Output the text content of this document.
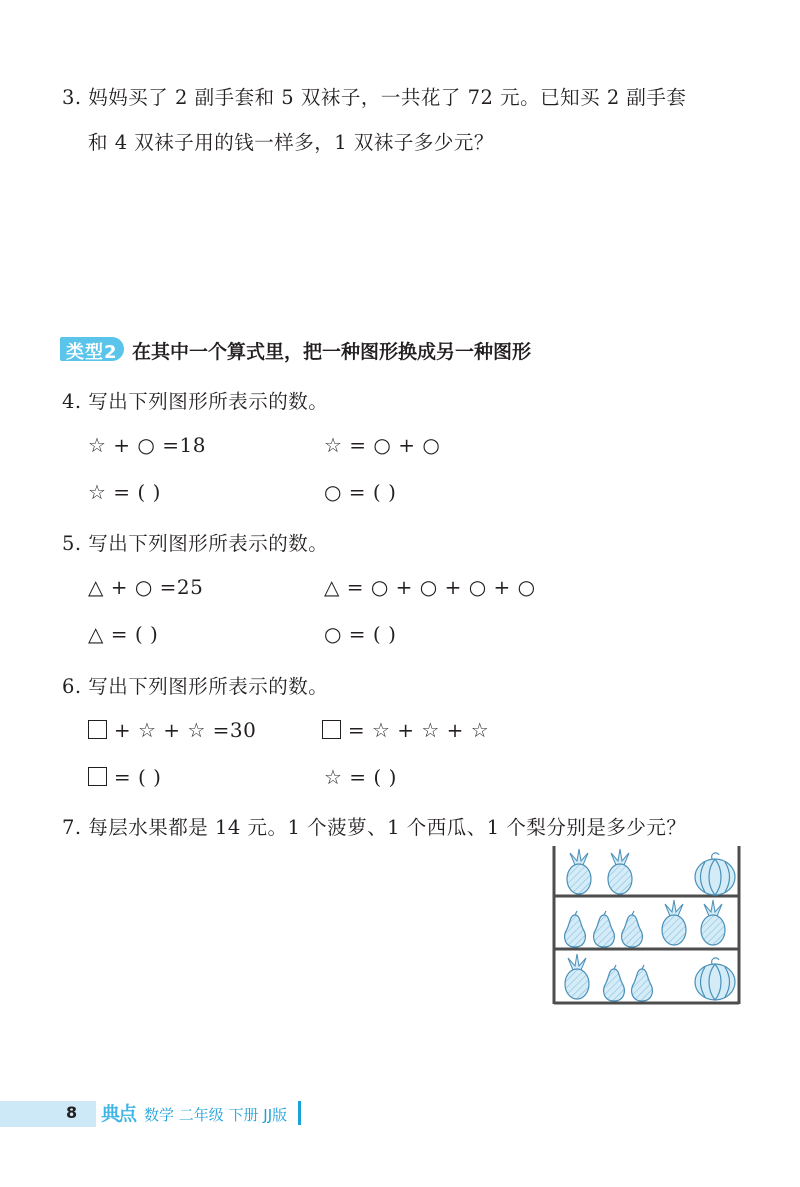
3. 妈妈买了 2 副手套和 5 双袜子，一共花了 72 元。已知买 2 副手套
和 4 双袜子用的钱一样多，1 双袜子多少元？
类型2 在其中一个算式里，把一种图形换成另一种图形
4. 写出下列图形所表示的数。
☆ + ○ =18	☆ = ○ + ○
☆ = ( )	○ = ( )
5. 写出下列图形所表示的数。
△ + ○ =25	△ = ○ + ○ + ○ + ○
△ = ( )	○ = ( )
6. 写出下列图形所表示的数。
+ ☆ + ☆ =30	= ☆ + ☆ + ☆
= ( )	☆ = ( )
7. 每层水果都是 14 元。1 个菠萝、1 个西瓜、1 个梨分别是多少元？
8 典点 数学 二年级 下册 JJ版
